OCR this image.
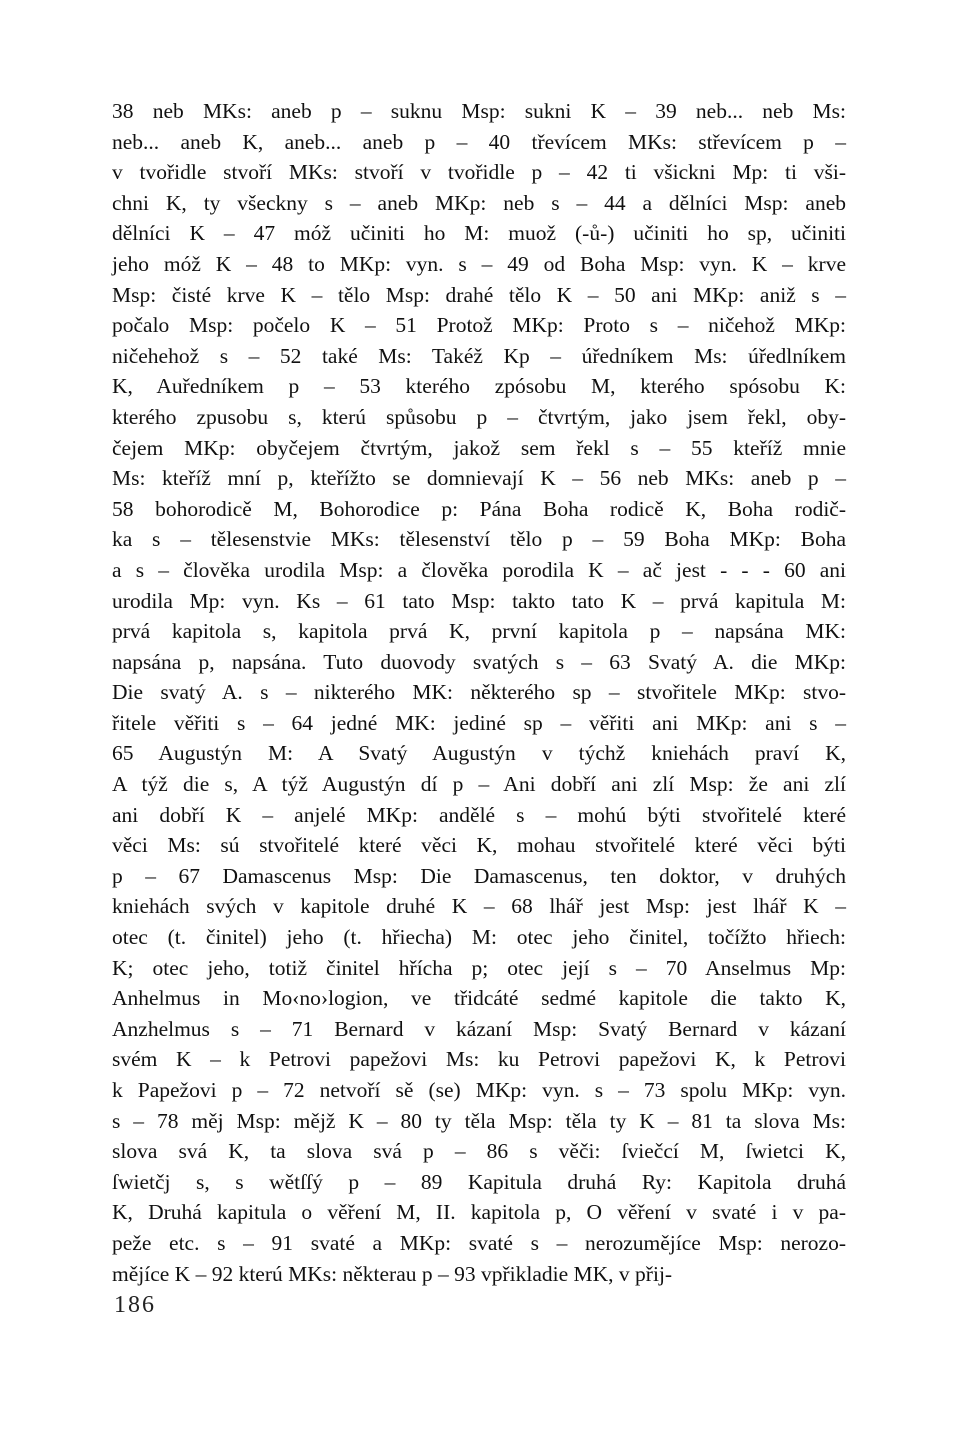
38 neb MKs: aneb p – suknu Msp: sukni K – 39 neb... neb Ms:
neb... aneb K, aneb... aneb p – 40 třevícem MKs: střevícem p –
v tvořidle stvoří MKs: stvoří v tvořidle p – 42 ti všickni Mp: ti vši-
chni K, ty všeckny s – aneb MKp: neb s – 44 a dělníci Msp: aneb
dělníci K – 47 móž učiniti ho M: muož (-ů-) učiniti ho sp, učiniti
jeho móž K – 48 to MKp: vyn. s – 49 od Boha Msp: vyn. K – krve
Msp: čisté krve K – tělo Msp: drahé tělo K – 50 ani MKp: aniž s –
počalo Msp: počelo K – 51 Protož MKp: Proto s – ničehož MKp:
ničehehož s – 52 také Ms: Takéž Kp – úředníkem Ms: úředlníkem
K, Auředníkem p – 53 kterého zpósobu M, kterého spósobu K:
kterého zpusobu s, kterú spůsobu p – čtvrtým, jako jsem řekl, oby-
čejem MKp: obyčejem čtvrtým, jakož sem řekl s – 55 kteříž mnie
Ms: kteříž mní p, kteřížto se domnievají K – 56 neb MKs: aneb p –
58 bohorodicě M, Bohorodice p: Pána Boha rodicě K, Boha rodič-
ka s – tělesenstvie MKs: tělesenství tělo p – 59 Boha MKp: Boha
a s – člověka urodila Msp: a člověka porodila K – ač jest - - - 60 ani
urodila Mp: vyn. Ks – 61 tato Msp: takto tato K – prvá kapitula M:
prvá kapitola s, kapitola prvá K, první kapitola p – napsána MK:
napsána p, napsána. Tuto duovody svatých s – 63 Svatý A. die MKp:
Die svatý A. s – nikterého MK: některého sp – stvořitele MKp: stvo-
řitele věřiti s – 64 jedné MK: jediné sp – věřiti ani MKp: ani s –
65 Augustýn M: A Svatý Augustýn v týchž kniehách praví K,
A týž die s, A týž Augustýn dí p – Ani dobří ani zlí Msp: že ani zlí
ani dobří K – anjelé MKp: andělé s – mohú býti stvořitelé které
věci Ms: sú stvořitelé které věci K, mohau stvořitelé které věci býti
p – 67 Damascenus Msp: Die Damascenus, ten doktor, v druhých
kniehách svých v kapitole druhé K – 68 lhář jest Msp: jest lhář K –
otec (t. činitel) jeho (t. hřiecha) M: otec jeho činitel, točížto hřiech:
K; otec jeho, totiž činitel hříchа p; otec její s – 70 Anselmus Mp:
Anhelmus in Mo‹no›logion, ve třidcáté sedmé kapitole die takto K,
Anzhelmus s – 71 Bernard v kázaní Msp: Svatý Bernard v kázaní
svém K – k Petrovi papežovi Ms: ku Petrovi papežovi K, k Petrovi
k Papežovi p – 72 netvoří sě (se) MKp: vyn. s – 73 spolu MKp: vyn.
s – 78 měj Msp: mějž K – 80 ty těla Msp: těla ty K – 81 ta slova Ms:
slova svá K, ta slova svá p – 86 s věči: ſviečcí M, ſwietci K,
ſwietčj s, s wětſſý p – 89 Kapitula druhá Ry: Kapitola druhá
K, Druhá kapitula o věření M, II. kapitola p, O věření v svaté i v pa-
peže etc. s – 91 svaté a MKp: svaté s – nerozumějíce Msp: nerozo-
mějíce K – 92 kterú MKs: některau p – 93 vpřikladie MK, v přij-
186
